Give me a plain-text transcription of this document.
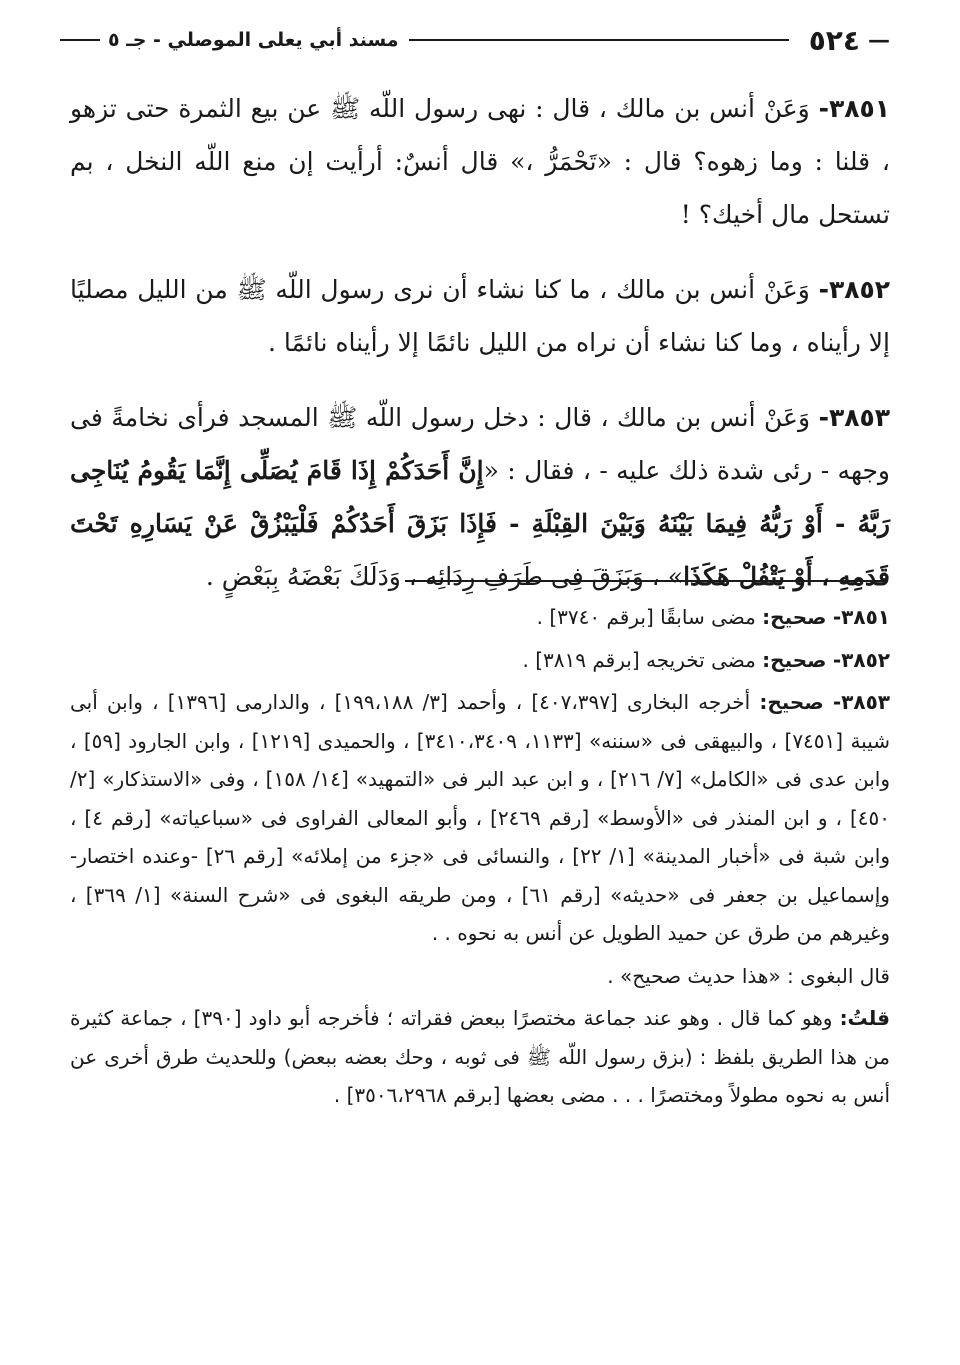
—
٥٢٤
مسند أبي يعلى الموصلي - جـ ٥

٣٨٥١- وَعَنْ أنس بن مالك ، قال : نهى رسول اللّه ﷺ عن بيع الثمرة حتى تزهو ، قلنا : وما زهوه؟ قال : «تَحْمَرُّ ،» قال أنسٌ: أرأيت إن منع اللّه النخل ، بم تستحل مال أخيك؟ !

٣٨٥٢- وَعَنْ أنس بن مالك ، ما كنا نشاء أن نرى رسول اللّه ﷺ من الليل مصليًا إلا رأيناه ، وما كنا نشاء أن نراه من الليل نائمًا إلا رأيناه نائمًا .

٣٨٥٣- وَعَنْ أنس بن مالك ، قال : دخل رسول اللّه ﷺ المسجد فرأى نخامةً فى وجهه - رئى شدة ذلك عليه - ، فقال : «إِنَّ أَحَدَكُمْ إِذَا قَامَ يُصَلِّى إِنَّمَا يَقُومُ يُنَاجِى رَبَّهُ - أَوْ رَبُّهُ فِيمَا بَيْنَهُ وَبَيْنَ القِبْلَةِ - فَإِذَا بَزَقَ أَحَدُكُمْ فَلْيَبْزُقْ عَنْ يَسَارِهِ تَحْتَ قَدَمِهِ ، أَوْ يَتْفُلْ هَكَذَا» ، وَبَزَقَ فِى طَرَفِ رِدَائِه ، وَدَلَكَ بَعْضَهُ بِبَعْضٍ .

٣٨٥١- صحيح: مضى سابقًا [برقم ٣٧٤٠] .

٣٨٥٢- صحيح: مضى تخريجه [برقم ٣٨١٩] .

٣٨٥٣- صحيح: أخرجه البخارى [٤٠٧،٣٩٧] ، وأحمد [٣/ ١٩٩،١٨٨] ، والدارمى [١٣٩٦] ، وابن أبى شيبة [٧٤٥١] ، والبيهقى فى «سننه» [١١٣٣، ٣٤١٠،٣٤٠٩] ، والحميدى [١٢١٩] ، وابن الجارود [٥٩] ، وابن عدى فى «الكامل» [٧/ ٢١٦] ، و ابن عبد البر فى «التمهيد» [١٤/ ١٥٨] ، وفى «الاستذكار» [٢/ ٤٥٠] ، و ابن المنذر فى «الأوسط» [رقم ٢٤٦٩] ، وأبو المعالى الفراوى فى «سباعياته» [رقم ٤] ، وابن شبة فى «أخبار المدينة» [١/ ٢٢] ، والنسائى فى «جزء من إملائه» [رقم ٢٦] -وعنده اختصار- وإسماعيل بن جعفر فى «حديثه» [رقم ٦١] ، ومن طريقه البغوى فى «شرح السنة» [١/ ٣٦٩] ، وغيرهم من طرق عن حميد الطويل عن أنس به نحوه . .

قال البغوى : «هذا حديث صحيح» .

قلتُ: وهو كما قال . وهو عند جماعة مختصرًا ببعض فقراته ؛ فأخرجه أبو داود [٣٩٠] ، جماعة كثيرة من هذا الطريق بلفظ : (بزق رسول اللّه ﷺ فى ثوبه ، وحك بعضه ببعض) وللحديث طرق أخرى عن أنس به نحوه مطولاً ومختصرًا . . . مضى بعضها [برقم ٣٥٠٦،٢٩٦٨] .
